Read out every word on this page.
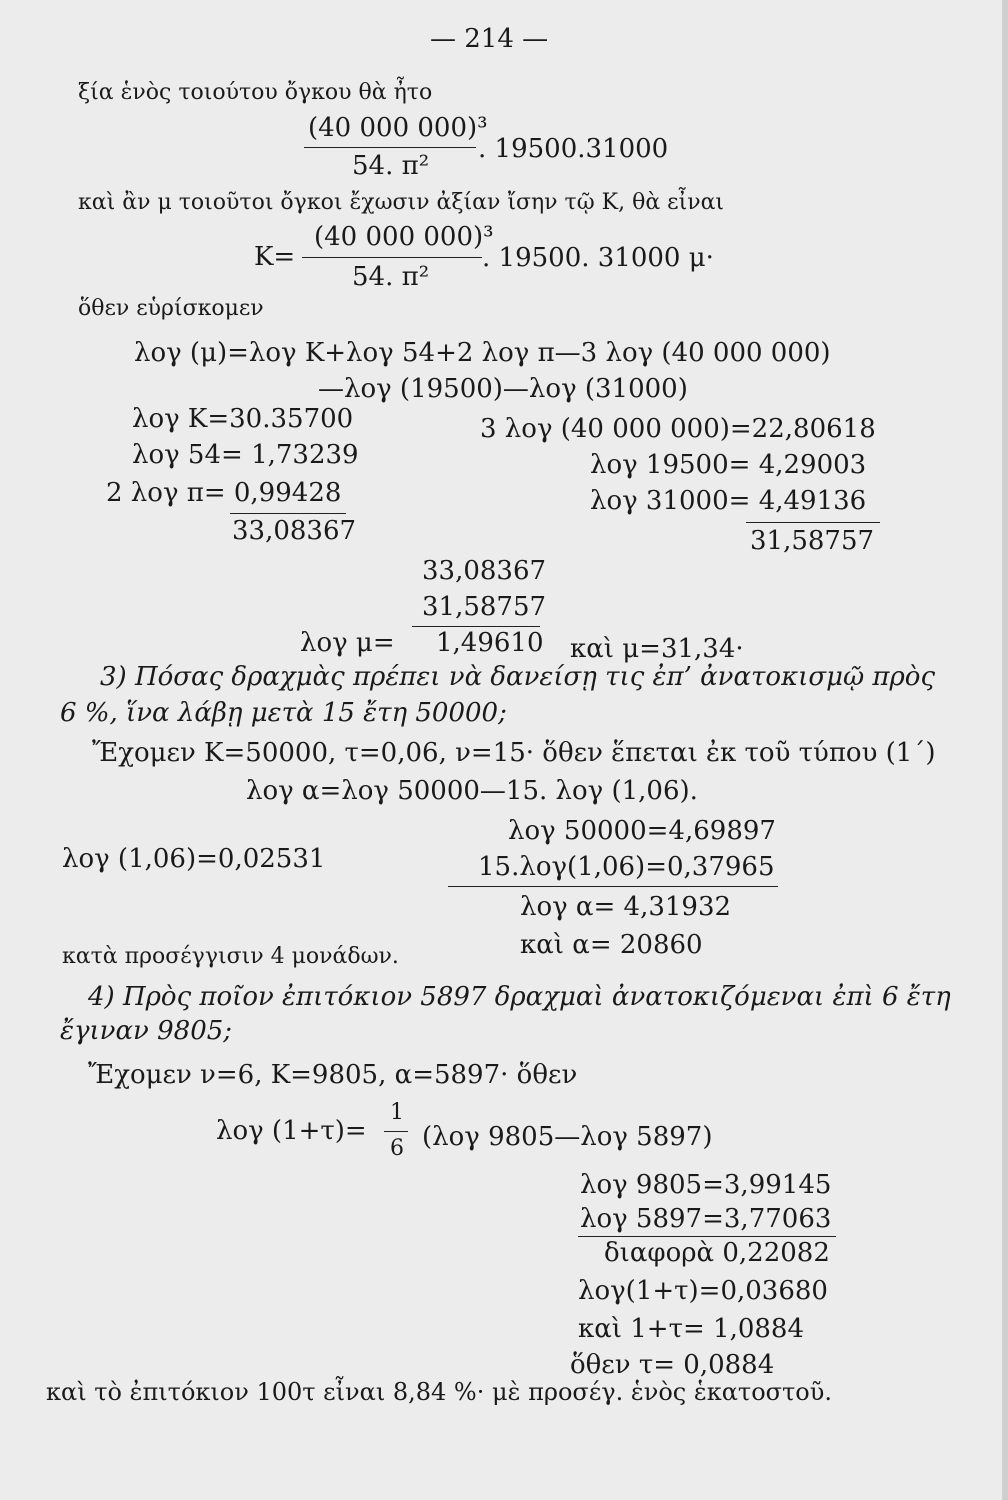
— 214 —
ξία ἑνὸς τοιούτου ὄγκου θὰ ἦτο
(40 000 000)³
54. π²
. 19500.31000
καὶ ἂν μ τοιοῦτοι ὄγκοι ἔχωσιν ἀξίαν ἴσην τῷ Κ, θὰ εἶναι
Κ=
(40 000 000)³
54. π²
. 19500. 31000 μ·
ὅθεν εὑρίσκομεν
λογ (μ)=λογ Κ+λογ 54+2 λογ π—3 λογ (40 000 000)
—λογ (19500)—λογ (31000)
λογ Κ=30.35700
λογ 54= 1,73239
2 λογ π= 0,99428
33,08367
3 λογ (40 000 000)=22,80618
λογ 19500= 4,29003
λογ 31000= 4,49136
31,58757
33,08367
31,58757
λογ μ= 1,49610 καὶ μ=31,34·
3) Πόσας δραχμὰς πρέπει νὰ δανείσῃ τις ἐπ’ ἀνατοκισμῷ πρὸς
6 %, ἵνα λάβῃ μετὰ 15 ἔτη 50000;
Ἔχομεν Κ=50000, τ=0,06, ν=15· ὅθεν ἕπεται ἐκ τοῦ τύπου (1΄)
λογ α=λογ 50000—15. λογ (1,06).
λογ (1,06)=0,02531
λογ 50000=4,69897
15.λογ(1,06)=0,37965
λογ α= 4,31932
καὶ α= 20860
κατὰ προσέγγισιν 4 μονάδων.
4) Πρὸς ποῖον ἐπιτόκιον 5897 δραχμαὶ ἀνατοκιζόμεναι ἐπὶ 6 ἔτη
ἔγιναν 9805;
Ἔχομεν ν=6, Κ=9805, α=5897· ὅθεν
λογ (1+τ)=
1
6 (λογ 9805—λογ 5897)
λογ 9805=3,99145
λογ 5897=3,77063
διαφορὰ 0,22082
λογ(1+τ)=0,03680
καὶ 1+τ= 1,0884
ὅθεν τ= 0,0884
καὶ τὸ ἐπιτόκιον 100τ εἶναι 8,84 %· μὲ προσέγ. ἑνὸς ἑκατοστοῦ.
